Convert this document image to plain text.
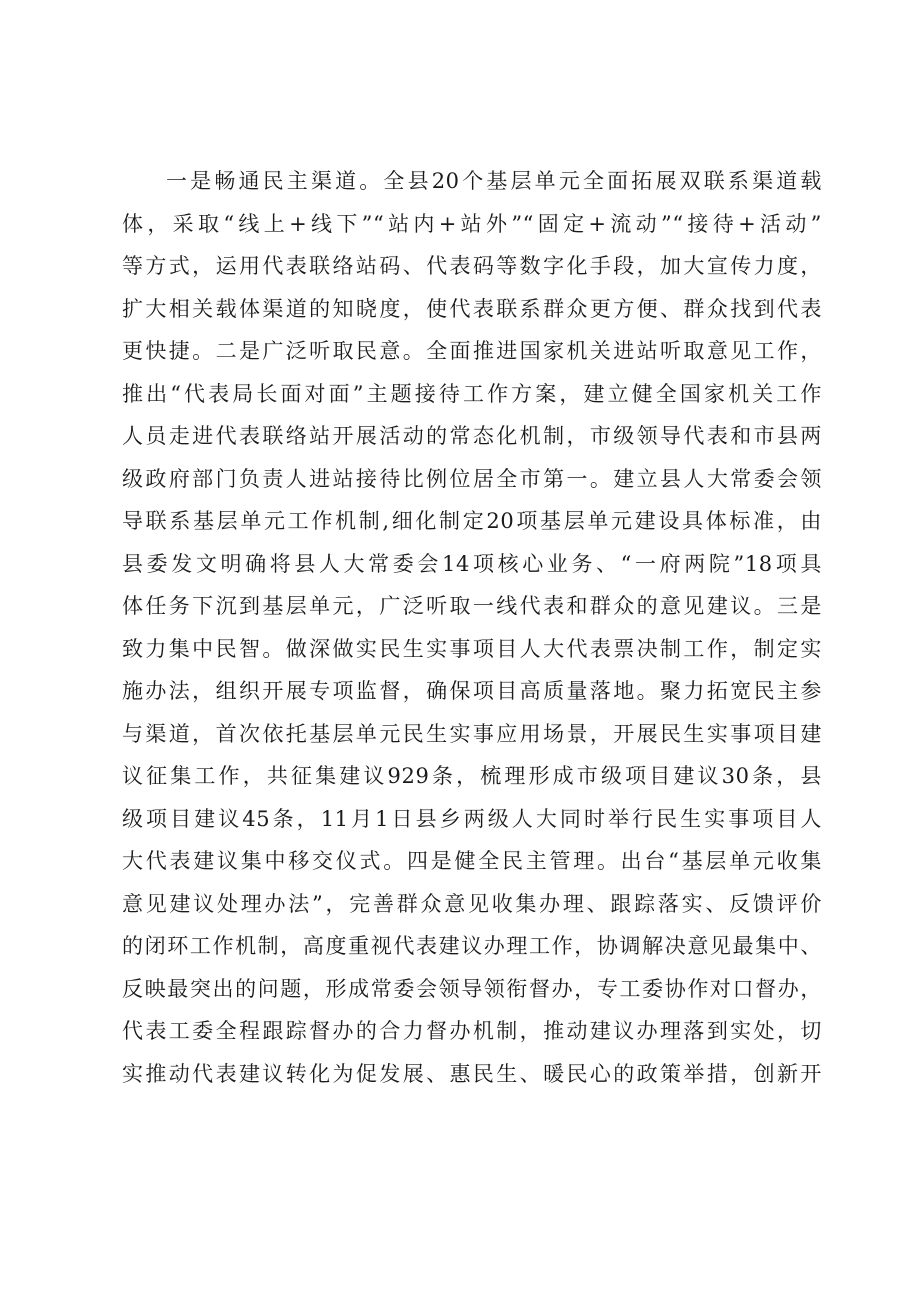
一是畅通民主渠道。全县20个基层单元全面拓展双联系渠道载
体，采取“线上+线下”“站内+站外”“固定+流动”“接待+活动”
等方式，运用代表联络站码、代表码等数字化手段，加大宣传力度，
扩大相关载体渠道的知晓度，使代表联系群众更方便、群众找到代表
更快捷。二是广泛听取民意。全面推进国家机关进站听取意见工作，
推出“代表局长面对面”主题接待工作方案，建立健全国家机关工作
人员走进代表联络站开展活动的常态化机制，市级领导代表和市县两
级政府部门负责人进站接待比例位居全市第一。建立县人大常委会领
导联系基层单元工作机制,细化制定20项基层单元建设具体标准，由
县委发文明确将县人大常委会14项核心业务、“一府两院”18项具
体任务下沉到基层单元，广泛听取一线代表和群众的意见建议。三是
致力集中民智。做深做实民生实事项目人大代表票决制工作，制定实
施办法，组织开展专项监督，确保项目高质量落地。聚力拓宽民主参
与渠道，首次依托基层单元民生实事应用场景，开展民生实事项目建
议征集工作，共征集建议929条，梳理形成市级项目建议30条，县
级项目建议45条，11月1日县乡两级人大同时举行民生实事项目人
大代表建议集中移交仪式。四是健全民主管理。出台“基层单元收集
意见建议处理办法”，完善群众意见收集办理、跟踪落实、反馈评价
的闭环工作机制，高度重视代表建议办理工作，协调解决意见最集中、
反映最突出的问题，形成常委会领导领衔督办，专工委协作对口督办，
代表工委全程跟踪督办的合力督办机制，推动建议办理落到实处，切
实推动代表建议转化为促发展、惠民生、暖民心的政策举措，创新开
